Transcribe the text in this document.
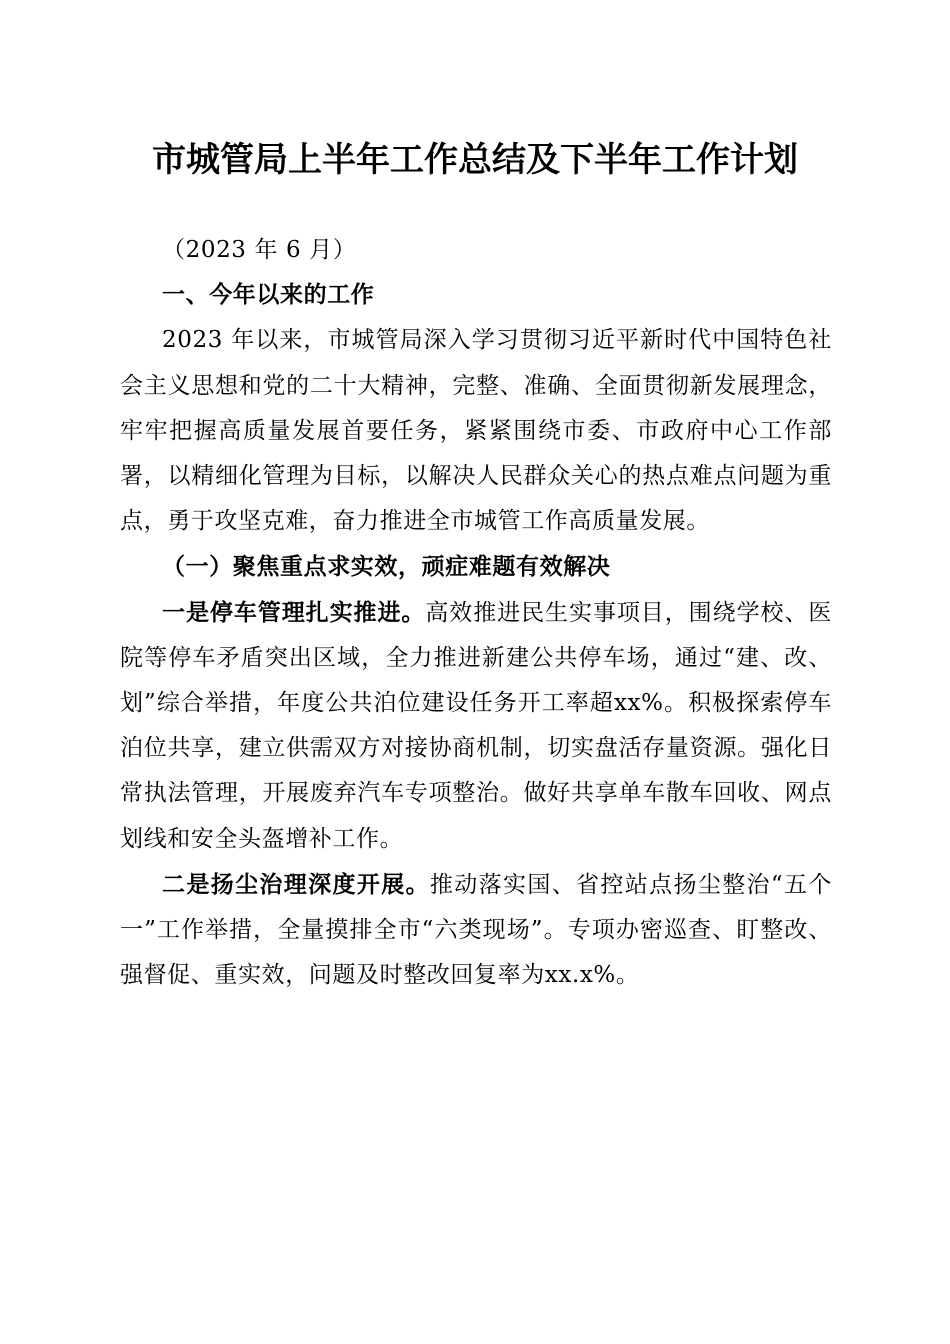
市城管局上半年工作总结及下半年工作计划

（2023 年 6 月）

一、今年以来的工作

2023 年以来，市城管局深入学习贯彻习近平新时代中国特色社会主义思想和党的二十大精神，完整、准确、全面贯彻新发展理念，牢牢把握高质量发展首要任务，紧紧围绕市委、市政府中心工作部署，以精细化管理为目标，以解决人民群众关心的热点难点问题为重点，勇于攻坚克难，奋力推进全市城管工作高质量发展。

（一）聚焦重点求实效，顽症难题有效解决

一是停车管理扎实推进。高效推进民生实事项目，围绕学校、医院等停车矛盾突出区域，全力推进新建公共停车场，通过“建、改、划”综合举措，年度公共泊位建设任务开工率超xx%。积极探索停车泊位共享，建立供需双方对接协商机制，切实盘活存量资源。强化日常执法管理，开展废弃汽车专项整治。做好共享单车散车回收、网点划线和安全头盔增补工作。

二是扬尘治理深度开展。推动落实国、省控站点扬尘整治“五个一”工作举措，全量摸排全市“六类现场”。专项办密巡查、盯整改、强督促、重实效，问题及时整改回复率为xx.x%。
